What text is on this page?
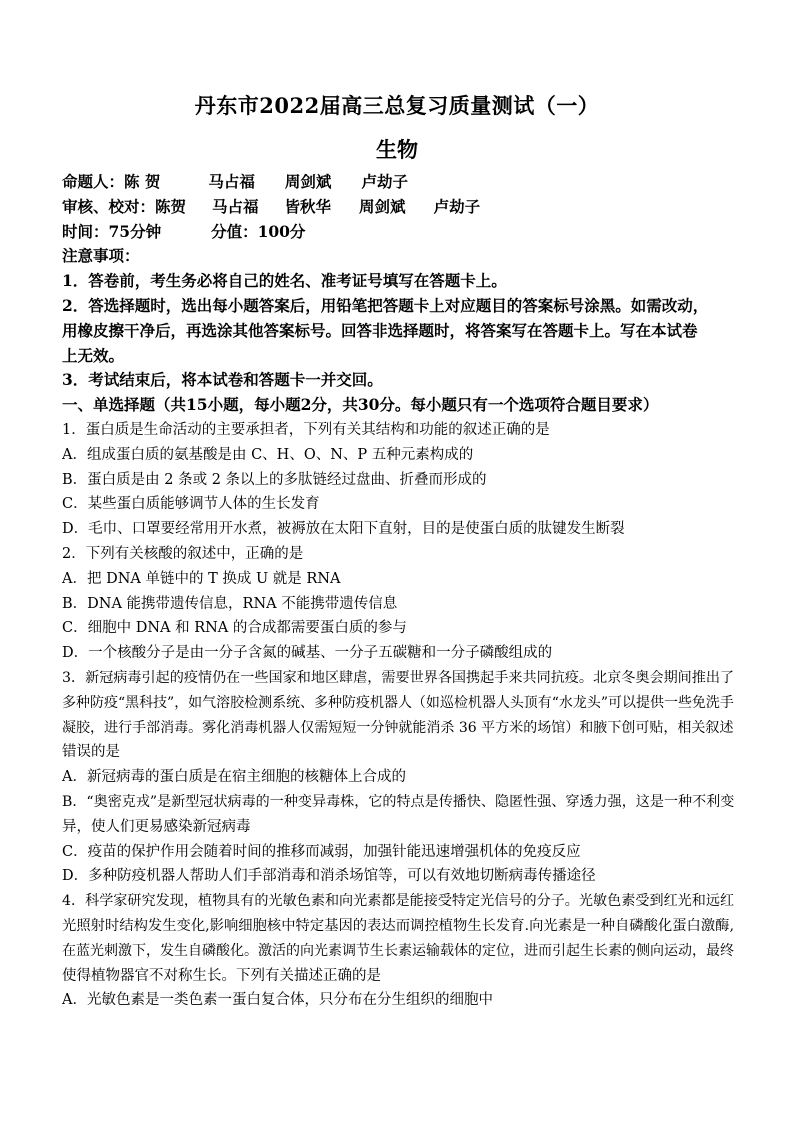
丹东市2022届高三总复习质量测试（一）
生物
命题人：陈 贺	马占福 周剑斌 卢劫子
审核、校对：陈贺 马占福 皆秋华 周剑斌 卢劫子
时间：75分钟	分值：100分
注意事项：
1．答卷前，考生务必将自己的姓名、准考证号填写在答题卡上。
2．答选择题时，选出每小题答案后，用铅笔把答题卡上对应题目的答案标号涂黑。如需改动，
用橡皮擦干净后，再选涂其他答案标号。回答非选择题时，将答案写在答题卡上。写在本试卷
上无效。
3．考试结束后，将本试卷和答题卡一并交回。
一、单选择题（共15小题，每小题2分，共30分。每小题只有一个选项符合题目要求）
1．蛋白质是生命活动的主要承担者，下列有关其结构和功能的叙述正确的是
A．组成蛋白质的氨基酸是由 C、H、O、N、P 五种元素构成的
B．蛋白质是由 2 条或 2 条以上的多肽链经过盘曲、折叠而形成的
C．某些蛋白质能够调节人体的生长发育
D．毛巾、口罩要经常用开水煮，被褥放在太阳下直射，目的是使蛋白质的肽键发生断裂
2．下列有关核酸的叙述中，正确的是
A．把 DNA 单链中的 T 换成 U 就是 RNA
B．DNA 能携带遗传信息，RNA 不能携带遗传信息
C．细胞中 DNA 和 RNA 的合成都需要蛋白质的参与
D．一个核酸分子是由一分子含氮的碱基、一分子五碳糖和一分子磷酸组成的
3．新冠病毒引起的疫情仍在一些国家和地区肆虐，需要世界各国携起手来共同抗疫。北京冬奥会期间推出了
多种防疫“黑科技”，如气溶胶检测系统、多种防疫机器人（如巡检机器人头顶有“水龙头”可以提供一些免洗手
凝胶，进行手部消毒。雾化消毒机器人仅需短短一分钟就能消杀 36 平方米的场馆）和腋下创可贴，相关叙述
错误的是
A．新冠病毒的蛋白质是在宿主细胞的核糖体上合成的
B．“奥密克戎”是新型冠状病毒的一种变异毒株，它的特点是传播快、隐匿性强、穿透力强，这是一种不利变
异，使人们更易感染新冠病毒
C．疫苗的保护作用会随着时间的推移而减弱，加强针能迅速增强机体的免疫反应
D．多种防疫机器人帮助人们手部消毒和消杀场馆等，可以有效地切断病毒传播途径
4．科学家研究发现，植物具有的光敏色素和向光素都是能接受特定光信号的分子。光敏色素受到红光和远红
光照射时结构发生变化,影响细胞核中特定基因的表达而调控植物生长发育.向光素是一种自磷酸化蛋白激酶,
在蓝光刺激下，发生自磷酸化。激活的向光素调节生长素运输载体的定位，进而引起生长素的侧向运动，最终
使得植物器官不对称生长。下列有关描述正确的是
A．光敏色素是一类色素一蛋白复合体，只分布在分生组织的细胞中
